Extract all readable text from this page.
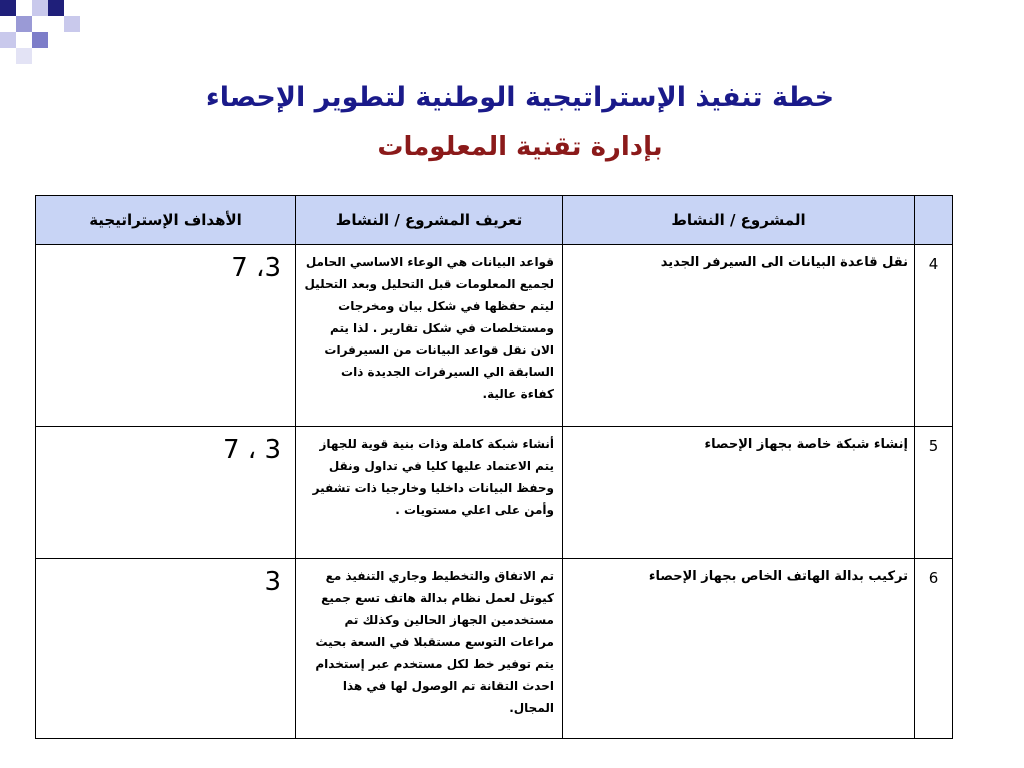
خطة تنفيذ الإستراتيجية الوطنية لتطوير الإحصاء
بإدارة تقنية المعلومات
	المشروع / النشاط	تعريف المشروع / النشاط	الأهداف الإستراتيجية
4	نقل قاعدة البيانات الى السيرفر الجديد	قواعد البيانات هي الوعاء الاساسي الحامل لجميع المعلومات قبل التحليل وبعد التحليل ليتم حفظها في شكل بيان ومخرجات ومستخلصات في شكل تقارير . لذا يتم الان نقل قواعد البيانات من السيرفرات السابقة الي السيرفرات الجديدة ذات كفاءة عالية.	3، 7
5	إنشاء شبكة خاصة بجهاز الإحصاء	أنشاء شبكة كاملة وذات بنية قوية للجهاز يتم الاعتماد عليها كليا في تداول ونقل وحفظ البيانات داخليا وخارجيا ذات تشفير وأمن على اعلي مستويات .	3 ، 7
6	تركيب بدالة الهاتف الخاص بجهاز الإحصاء	تم الاتفاق والتخطيط وجاري التنفيذ مع كيوتل لعمل نظام بدالة هاتف تسع جميع مستخدمين الجهاز الحالين وكذلك تم مراعات التوسع مستقبلا في السعة بحيث يتم توفير خط لكل مستخدم عبر إستخدام احدث التقانة تم الوصول لها في هذا المجال.	3
